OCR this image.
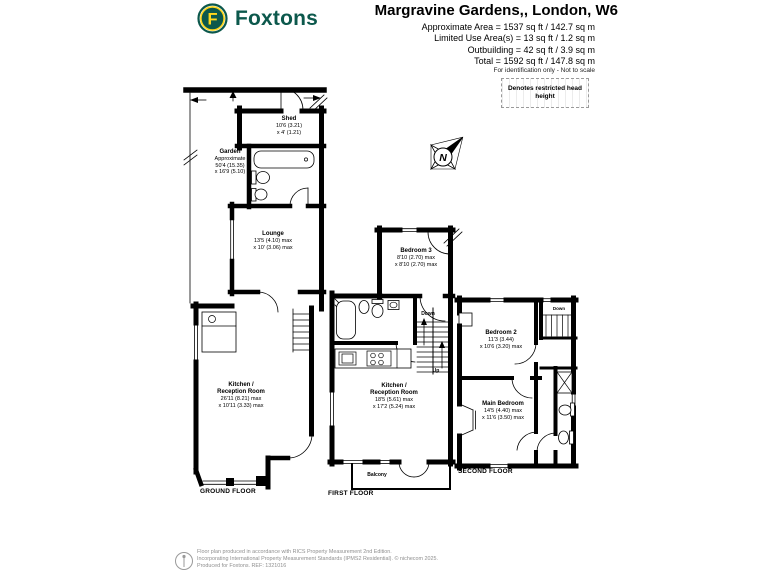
F Foxtons	Margravine Gardens,, London, W6
Approximate Area = 1537 sq ft / 142.7 sq m
Limited Use Area(s) = 13 sq ft / 1.2 sq m
Outbuilding = 42 sq ft / 3.9 sq m
Total = 1592 sq ft / 147.8 sq m
For identification only - Not to scale
Denotes restricted head height
N
Garden
Approximate
50'4 (15.35)
x 16'9 (5.10)
Shed
10'6 (3.21)
x 4' (1.21)
Lounge
13'5 (4.10) max
x 10' (3.06) max
Kitchen /
Reception Room
26'11 (8.21) max
x 10'11 (3.33) max
Bedroom 3
8'10 (2.70) max
x 8'10 (2.70) max
Kitchen /
Reception Room
18'5 (5.61) max
x 17'2 (5.24) max
Balcony
Bedroom 2
11'3 (3.44)
x 10'6 (3.20) max
Main Bedroom
14'5 (4.40) max
x 11'6 (3.50) max
Down
Up
Down
GROUND FLOOR	FIRST FLOOR
SECOND FLOOR
Floor plan produced in accordance with RICS Property Measurement 2nd Edition.
Incorporating International Property Measurement Standards (IPMS2 Residential). © nichecom 2025.
Produced for Foxtons. REF: 1321016
